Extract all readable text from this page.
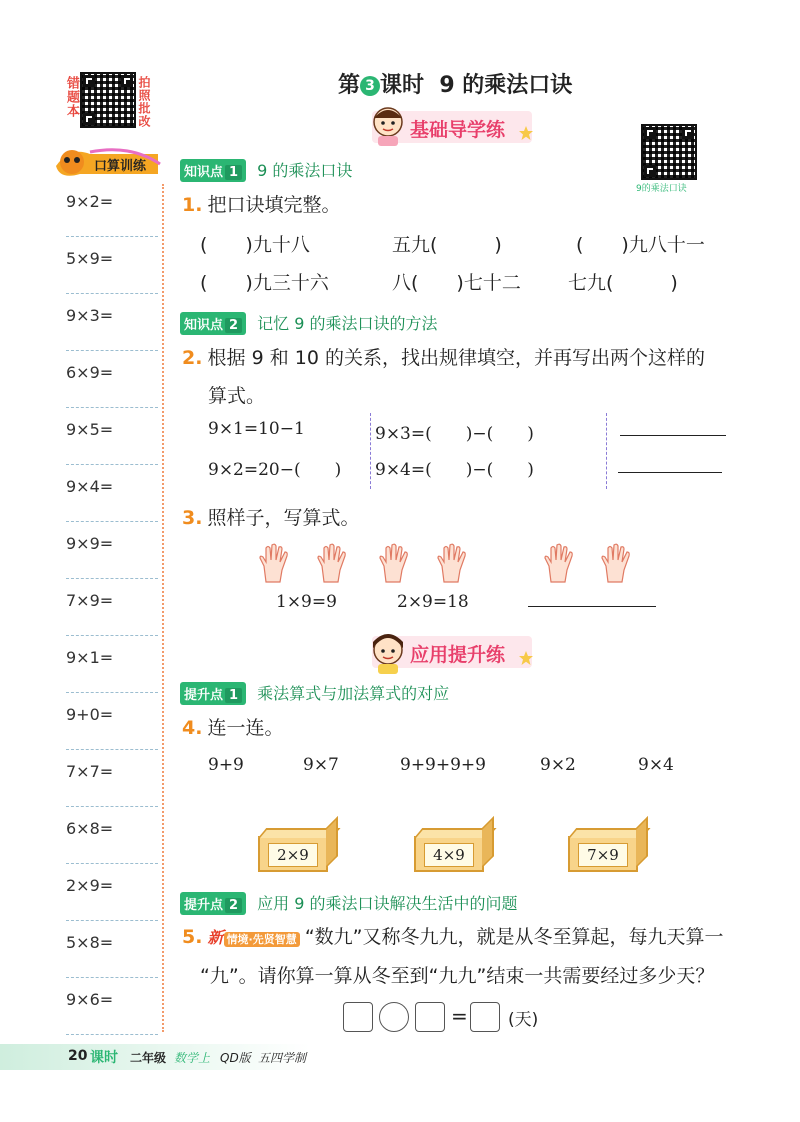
错题本	拍照批改	第 3 课时  9 的乘法口诀
9的乘法口诀
基础导学练
口算训练
9×2=
5×9=
9×3=
6×9=
9×5=
9×4=
9×9=
7×9=
9×1=
9+0=
7×7=
6×8=
2×9=
5×8=
9×6=
知识点 1 9 的乘法口诀
1. 把口诀填完整。
(　　)九十八	五九(　　　)	(　　)九八十一
(　　)九三十六	八(　　)七十二 七九(　　　)
知识点 2 记忆 9 的乘法口诀的方法
2. 根据 9 和 10 的关系，找出规律填空，并再写出两个这样的
算式。
9×1=10−1
9×2=20−(　　)
9×3=(　　)−(　　)
9×4=(　　)−(　　)
3. 照样子，写算式。
1×9=9	2×9=18
应用提升练
提升点 1 乘法算式与加法算式的对应
4. 连一连。
9+9	9×7	9+9+9+9	9×2	9×4
2×9	4×9	7×9
提升点 2 应用 9 的乘法口诀解决生活中的问题
5. 新 情境·先贤智慧 “数九”又称冬九九，就是从冬至算起，每九天算一
“九”。请你算一算从冬至到“九九”结束一共需要经过多少天？
= (天)
20 课时 二年级 数学上 QD版 五四学制
